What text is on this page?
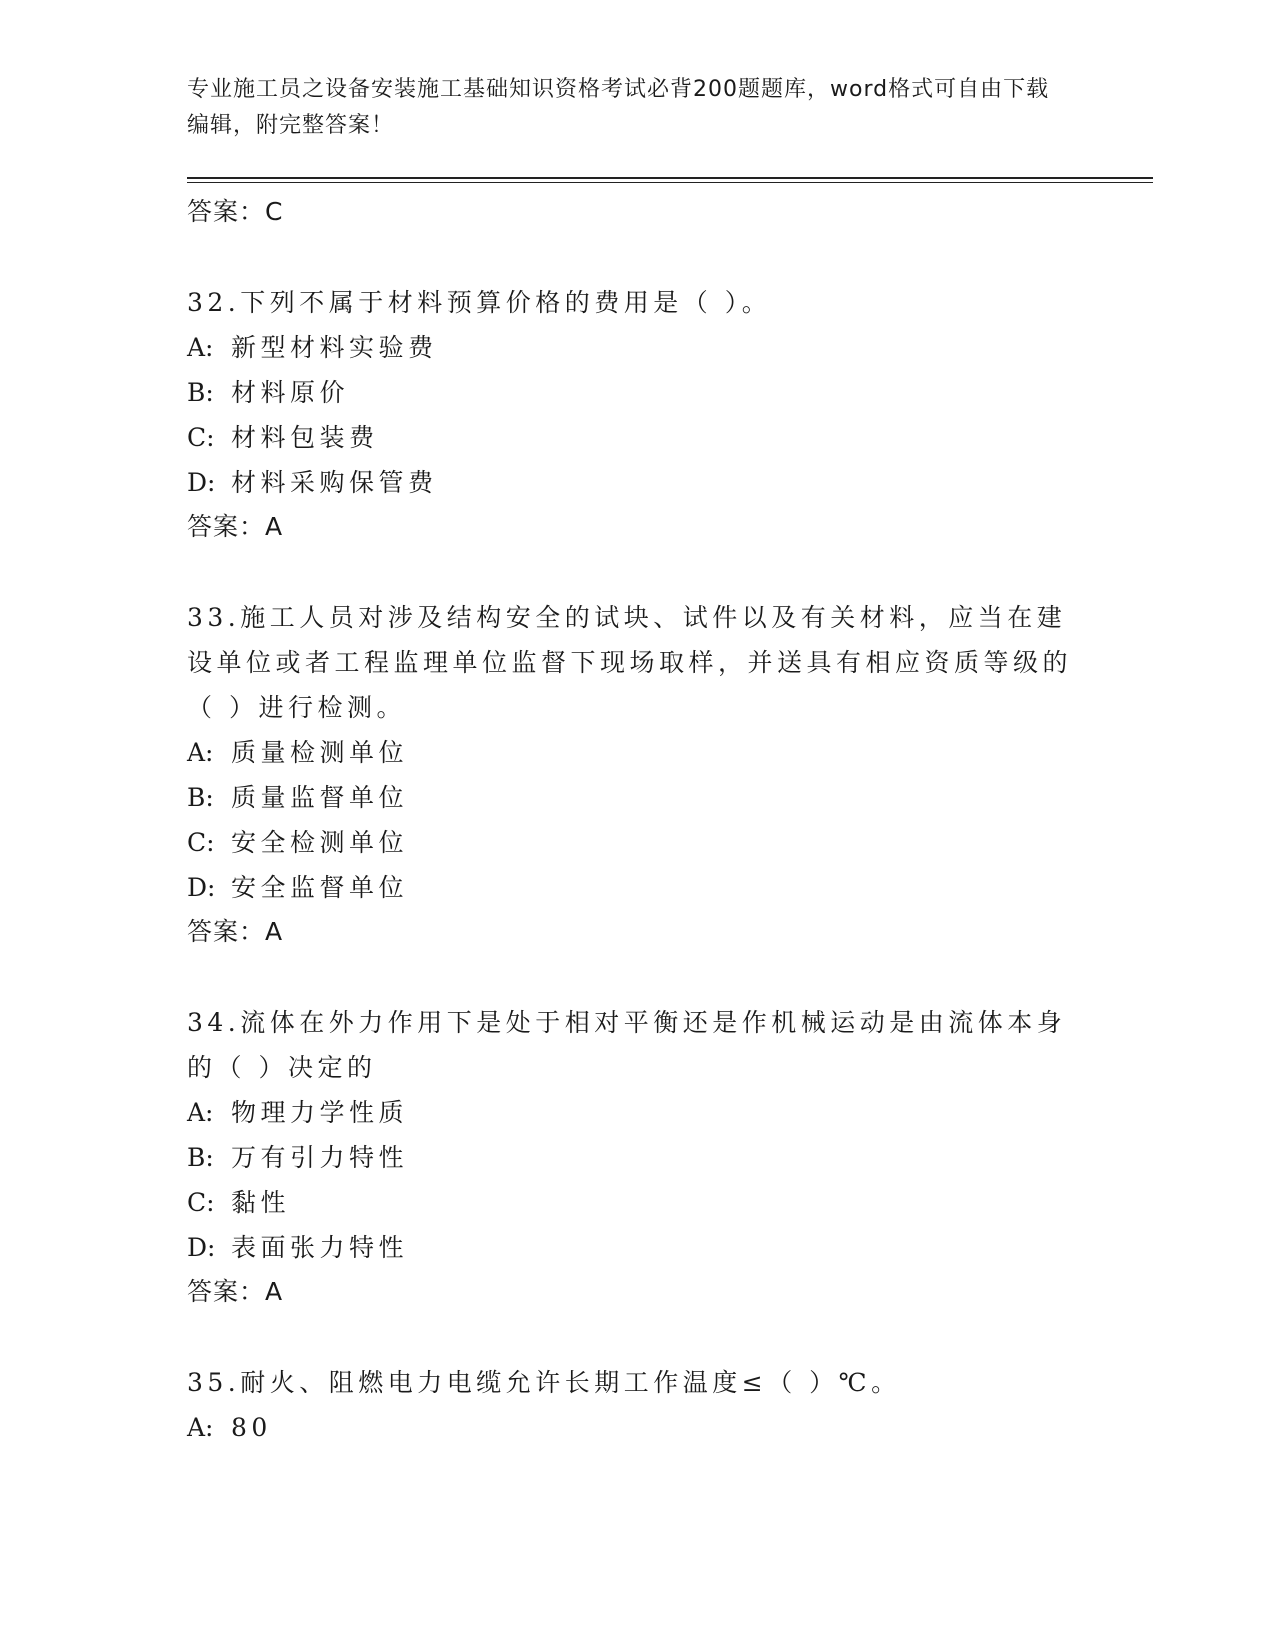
专业施工员之设备安装施工基础知识资格考试必背200题题库，word格式可自由下载编辑，附完整答案！
答案：C
32.下列不属于材料预算价格的费用是（ ）。
A: 新型材料实验费
B: 材料原价
C: 材料包装费
D: 材料采购保管费
答案：A
33.施工人员对涉及结构安全的试块、试件以及有关材料，应当在建设单位或者工程监理单位监督下现场取样，并送具有相应资质等级的（ ）进行检测。
A: 质量检测单位
B: 质量监督单位
C: 安全检测单位
D: 安全监督单位
答案：A
34.流体在外力作用下是处于相对平衡还是作机械运动是由流体本身的（ ）决定的
A: 物理力学性质
B: 万有引力特性
C: 黏性
D: 表面张力特性
答案：A
35.耐火、阻燃电力电缆允许长期工作温度≤（ ）℃。
A: 80
